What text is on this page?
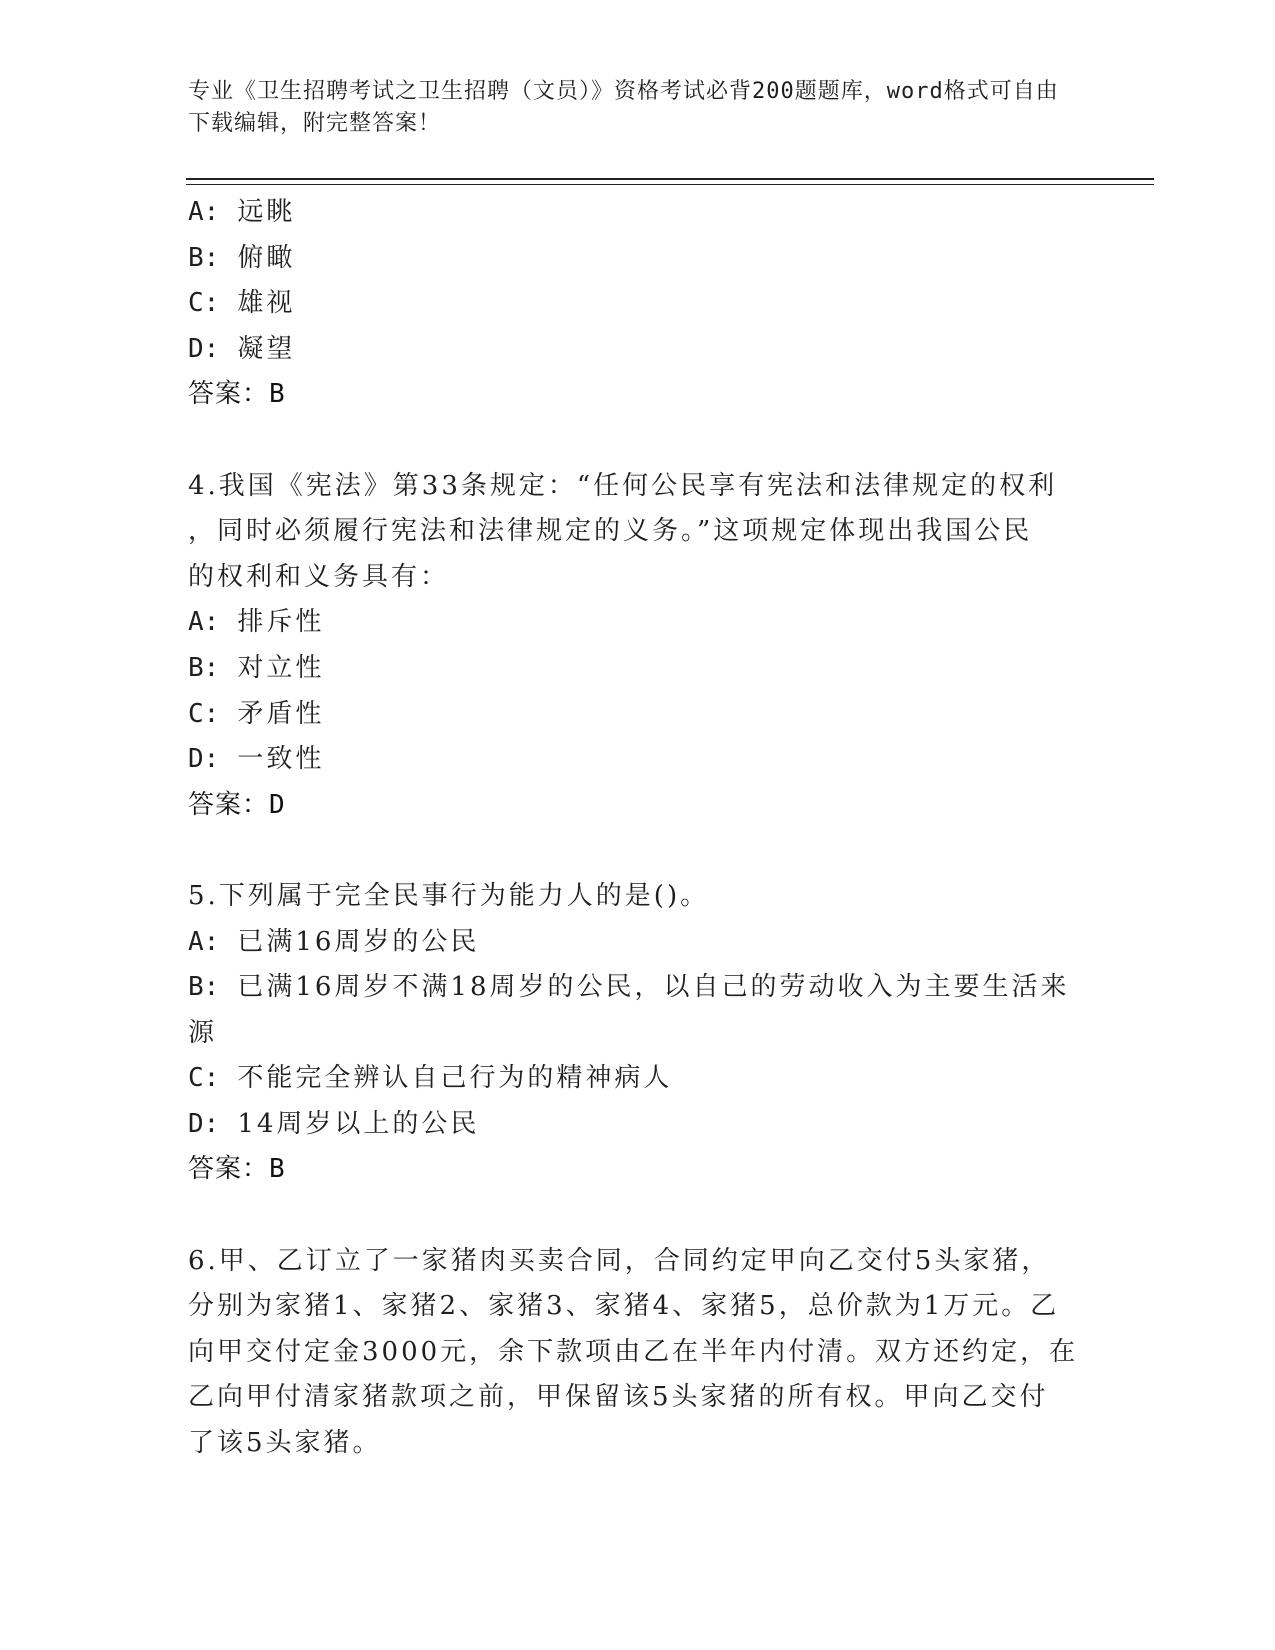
专业《卫生招聘考试之卫生招聘（文员）》资格考试必背200题题库，word格式可自由下载编辑，附完整答案！
A: 远眺
B: 俯瞰
C: 雄视
D: 凝望
答案：B
4.我国《宪法》第33条规定：“任何公民享有宪法和法律规定的权利
，同时必须履行宪法和法律规定的义务。”这项规定体现出我国公民
的权利和义务具有：
A: 排斥性
B: 对立性
C: 矛盾性
D: 一致性
答案：D
5.下列属于完全民事行为能力人的是()。
A: 已满16周岁的公民
B: 已满16周岁不满18周岁的公民，以自己的劳动收入为主要生活来
源
C: 不能完全辨认自己行为的精神病人
D: 14周岁以上的公民
答案：B
6.甲、乙订立了一家猪肉买卖合同，合同约定甲向乙交付5头家猪，
分别为家猪1、家猪2、家猪3、家猪4、家猪5，总价款为1万元。乙
向甲交付定金3000元，余下款项由乙在半年内付清。双方还约定，在
乙向甲付清家猪款项之前，甲保留该5头家猪的所有权。甲向乙交付
了该5头家猪。
